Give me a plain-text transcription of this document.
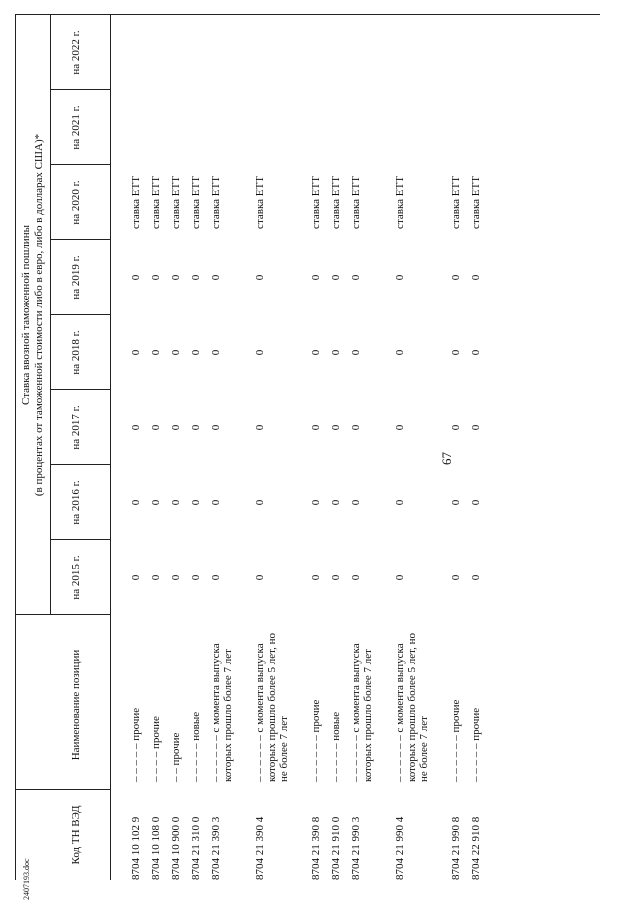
67
2407193.doc
Код ТН ВЭД
Наименование позиции
Ставка ввозной таможенной пошлины (в процентах от таможенной стоимости либо в евро, либо в долларах США)*
на 2015 г.
на 2016 г.
на 2017 г.
на 2018 г.
на 2019 г.
на 2020 г.
на 2021 г.
на 2022 г.
8704 10 102 9
– – – – – прочие
0
0
0
0
0
ставка ЕТТ
8704 10 108 0
– – – – прочие
0
0
0
0
0
ставка ЕТТ
8704 10 900 0
– – прочие
0
0
0
0
0
ставка ЕТТ
8704 21 310 0
– – – – – новые
0
0
0
0
0
ставка ЕТТ
8704 21 390 3
– – – – – – с момента выпуска которых прошло более 7 лет
0
0
0
0
0
ставка ЕТТ
8704 21 390 4
– – – – – – с момента выпуска которых прошло более 5 лет, но не более 7 лет
0
0
0
0
0
ставка ЕТТ
8704 21 390 8
– – – – – – прочие
0
0
0
0
0
ставка ЕТТ
8704 21 910 0
– – – – – новые
0
0
0
0
0
ставка ЕТТ
8704 21 990 3
– – – – – – с момента выпуска которых прошло более 7 лет
0
0
0
0
0
ставка ЕТТ
8704 21 990 4
– – – – – – с момента выпуска которых прошло более 5 лет, но не более 7 лет
0
0
0
0
0
ставка ЕТТ
8704 21 990 8
– – – – – – прочие
0
0
0
0
0
ставка ЕТТ
8704 22 910 8
– – – – – прочие
0
0
0
0
0
ставка ЕТТ
